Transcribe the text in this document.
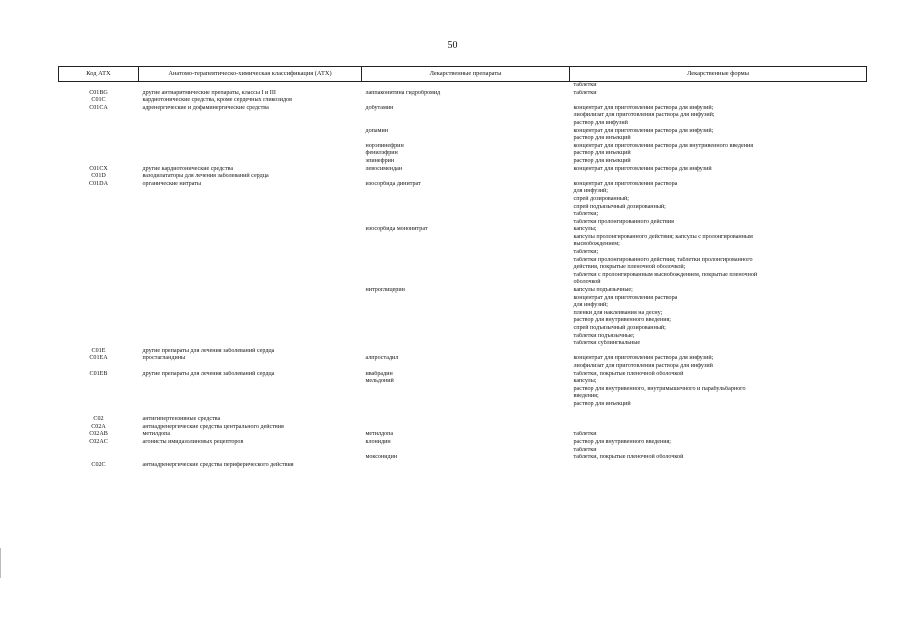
50
Код АТХ	Анатомо-терапевтическо-химическая классификация (АТХ)	Лекарственные препараты	Лекарственные формы
			таблетки
C01BG	другие антиаритмические препараты, классы I и III	лаппаконитина гидробромид	таблетки
C01C	кардиотонические средства, кроме сердечных гликозидов		
C01CA	адренергические и дофаминергические средства	добутамин	концентрат для приготовления раствора для инфузий;
			лиофилизат для приготовления раствора для инфузий;
			раствор для инфузий
		допамин	концентрат для приготовления раствора для инфузий;
			раствор для инъекций
		норэпинефрин	концентрат для приготовления раствора для внутривенного введения
		фенилэфрин	раствор для инъекций
		эпинефрин	раствор для инъекций
C01CX	другие кардиотонические средства	левосимендан	концентрат для приготовления раствора для инфузий
C01D	вазодилататоры для лечения заболеваний сердца		
C01DA	органические нитраты	изосорбида динитрат	концентрат для приготовления раствора
			для инфузий;
			спрей дозированный;
			спрей подъязычный дозированный;
			таблетки;
			таблетки пролонгированного действия
		изосорбида мононитрат	капсулы;
			капсулы пролонгированного действия; капсулы с пролонгированным
			высвобождением;
			таблетки;
			таблетки пролонгированного действия; таблетки пролонгированного
			действия, покрытые пленочной оболочкой;
			таблетки с пролонгированным высвобождением, покрытые пленочной
			оболочкой
		нитроглицерин	капсулы подъязычные;
			концентрат для приготовления раствора
			для инфузий;
			пленки для наклеивания на десну;
			раствор для внутривенного введения;
			спрей подъязычный дозированный;
			таблетки подъязычные;
			таблетки сублингвальные
C01E	другие препараты для лечения заболеваний сердца		
C01EA	простагландины	алпростадил	концентрат для приготовления раствора для инфузий;
			лиофилизат для приготовления раствора для инфузий
C01EB	другие препараты для лечения заболеваний сердца	ивабрадин	таблетки, покрытые пленочной оболочкой
		мельдоний	капсулы;
			раствор для внутривенного, внутримышечного и парабульбарного
			введения;
			раствор для инъекций

C02	антигипертензивные средства		
C02A	антиадренергические средства центрального действия		
C02AB	метилдопа	метилдопа	таблетки
C02AC	агонисты имидазолиновых рецепторов	клонидин	раствор для внутривенного введения;
			таблетки
		моксонидин	таблетки, покрытые пленочной оболочкой
C02C	антиадренергические средства периферического действия		
